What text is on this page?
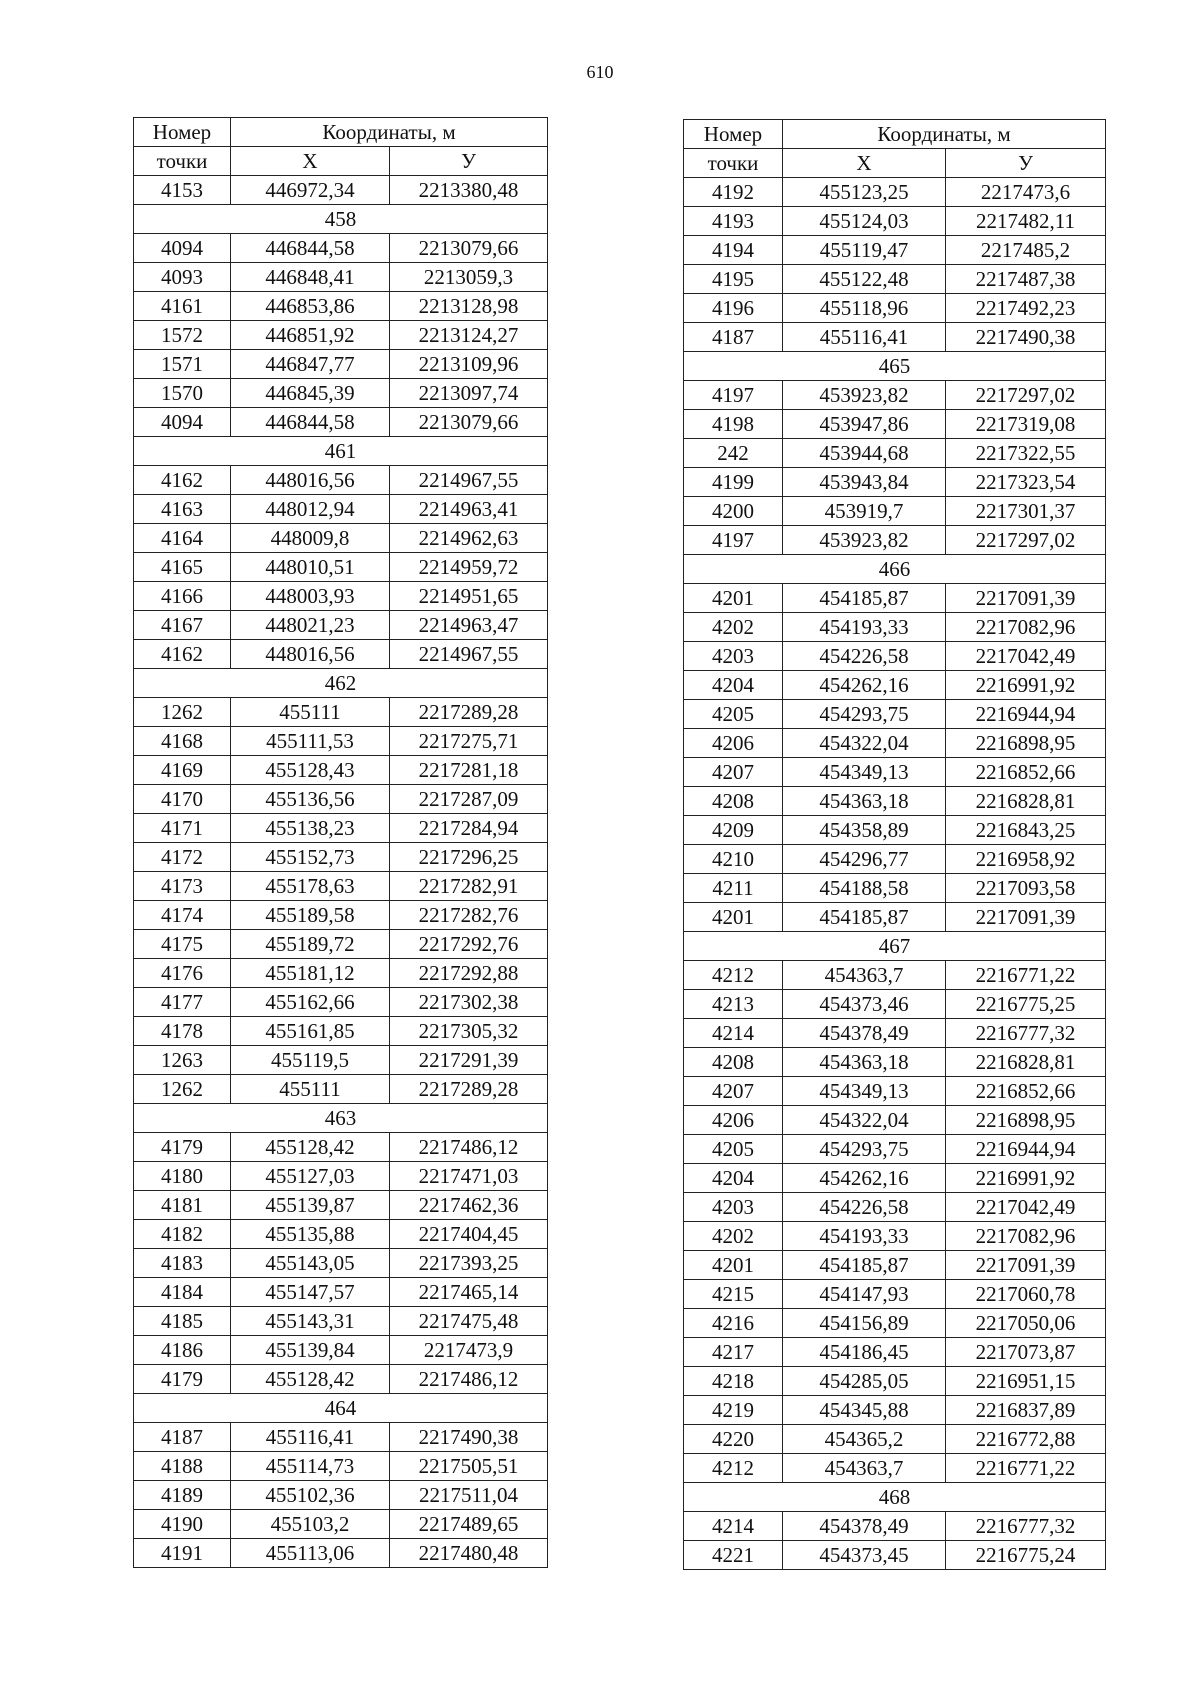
610
Номер	Координаты, м	
точки	Х	У
4153	446972,34	2213380,48
458		
4094	446844,58	2213079,66
4093	446848,41	2213059,3
4161	446853,86	2213128,98
1572	446851,92	2213124,27
1571	446847,77	2213109,96
1570	446845,39	2213097,74
4094	446844,58	2213079,66
461		
4162	448016,56	2214967,55
4163	448012,94	2214963,41
4164	448009,8	2214962,63
4165	448010,51	2214959,72
4166	448003,93	2214951,65
4167	448021,23	2214963,47
4162	448016,56	2214967,55
462		
1262	455111	2217289,28
4168	455111,53	2217275,71
4169	455128,43	2217281,18
4170	455136,56	2217287,09
4171	455138,23	2217284,94
4172	455152,73	2217296,25
4173	455178,63	2217282,91
4174	455189,58	2217282,76
4175	455189,72	2217292,76
4176	455181,12	2217292,88
4177	455162,66	2217302,38
4178	455161,85	2217305,32
1263	455119,5	2217291,39
1262	455111	2217289,28
463		
4179	455128,42	2217486,12
4180	455127,03	2217471,03
4181	455139,87	2217462,36
4182	455135,88	2217404,45
4183	455143,05	2217393,25
4184	455147,57	2217465,14
4185	455143,31	2217475,48
4186	455139,84	2217473,9
4179	455128,42	2217486,12
464		
4187	455116,41	2217490,38
4188	455114,73	2217505,51
4189	455102,36	2217511,04
4190	455103,2	2217489,65
4191	455113,06	2217480,48
Номер	Координаты, м	
точки	Х	У
4192	455123,25	2217473,6
4193	455124,03	2217482,11
4194	455119,47	2217485,2
4195	455122,48	2217487,38
4196	455118,96	2217492,23
4187	455116,41	2217490,38
465		
4197	453923,82	2217297,02
4198	453947,86	2217319,08
242	453944,68	2217322,55
4199	453943,84	2217323,54
4200	453919,7	2217301,37
4197	453923,82	2217297,02
466		
4201	454185,87	2217091,39
4202	454193,33	2217082,96
4203	454226,58	2217042,49
4204	454262,16	2216991,92
4205	454293,75	2216944,94
4206	454322,04	2216898,95
4207	454349,13	2216852,66
4208	454363,18	2216828,81
4209	454358,89	2216843,25
4210	454296,77	2216958,92
4211	454188,58	2217093,58
4201	454185,87	2217091,39
467		
4212	454363,7	2216771,22
4213	454373,46	2216775,25
4214	454378,49	2216777,32
4208	454363,18	2216828,81
4207	454349,13	2216852,66
4206	454322,04	2216898,95
4205	454293,75	2216944,94
4204	454262,16	2216991,92
4203	454226,58	2217042,49
4202	454193,33	2217082,96
4201	454185,87	2217091,39
4215	454147,93	2217060,78
4216	454156,89	2217050,06
4217	454186,45	2217073,87
4218	454285,05	2216951,15
4219	454345,88	2216837,89
4220	454365,2	2216772,88
4212	454363,7	2216771,22
468		
4214	454378,49	2216777,32
4221	454373,45	2216775,24
